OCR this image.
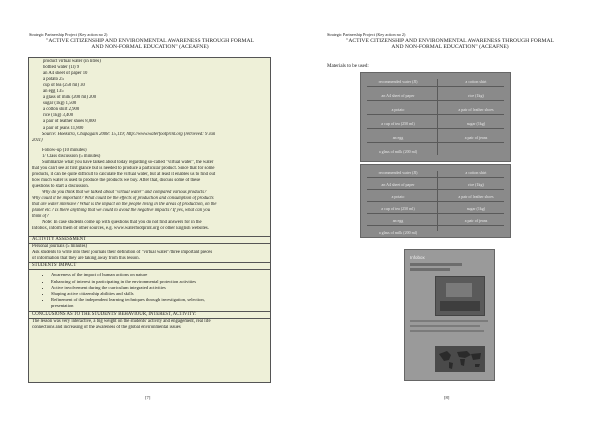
Strategic Partnership Project (Key action no 2)
"ACTIVE CITIZENSHIP AND ENVIRONMENTAL AWARENESS THROUGH FORMAL
AND NON-FORMAL EDUCATION" (ACEAFNE)
product virtual water (in litres)
bottled water (1l) 9
an A4 sheet of paper 10
a potato 25
cup of tea (250 ml) 30
an egg 135
a glass of milk (200 ml) 200
sugar (1kg) 1,500
a cotton shirt 2,900
rice (1kg) 3,400
a pair of leather shoes 8,000
a pair of jeans 11,800
Source: Hoekstra, Chapagain 2008: 15,119; http://www.waterfootprint.org (retrieved: 9 Jan
2011)
Follow-up (10 minutes)
1/ Class discussion (5 minutes)
Summarize what you have talked about today regarding so-called "virtual water", the water
that you can't see at first glance but is needed to produce a particular product. Since that for some
products, it can be quite difficult to calculate the virtual water, but at least it enables us to find out
how much water is used to produce the products we buy. After that, discuss some of these
questions to start a discussion.
Why do you think that we talked about "virtual water" and compared various products?
Why could it be important? What could be the effects of production and consumption of products
that are water intensive? What is the impact on the people living in the areas of production, on the
planet etc.? Is there anything that we could to avoid the negative impacts? If yes, what can you
think of?
Note: In case students come up with questions that you do not find answers for in the
Infobox, inform them of other sources, e.g. www.waterfootprint.org or other English websites.
ACTIVITY ASSESSMENT
Personal journals (5 minutes)
Ask students to write into their journals their definition of "virtual water"/three important pieces
of information that they are taking away from this lesson.
STUDENTS' IMPACT
• Awareness of the impact of human actions on nature
• Enhancing of interest in participating in the environmental protection activities
• Active involvement during the curriculum integrated activities
• Shaping active citizenship abilities and skills
• Refinement of the independent learning techniques through investigation, selection,
presentation
CONCLUSIONS AS TO THE STUDENTS' BEHAVIOUR, INTEREST, ACTIVITY:
The lesson was very interactive, a big weight on the students' activity and engagement, real life
connections and increasing of the awareness of the global environmental issues
[7]
Strategic Partnership Project (Key action no 2)
"ACTIVE CITIZENSHIP AND ENVIRONMENTAL AWARENESS THROUGH FORMAL
AND NON-FORMAL EDUCATION" (ACEAFNE)
Materials to be used:
recommended water (Jl)	a cotton shirt
an A4 sheet of paper	rice (1kg)
a potato	a pair of leather shoes
a cup of tea (250 ml)	sugar (1kg)
an egg	a pair of jeans
a glass of milk (200 ml)
recommended water (Jl)	a cotton shirt
an A4 sheet of paper	rice (1kg)
a potato	a pair of leather shoes
a cup of tea (250 ml)	sugar (1kg)
an egg	a pair of jeans
a glass of milk (200 ml)
Infobox
[8]
